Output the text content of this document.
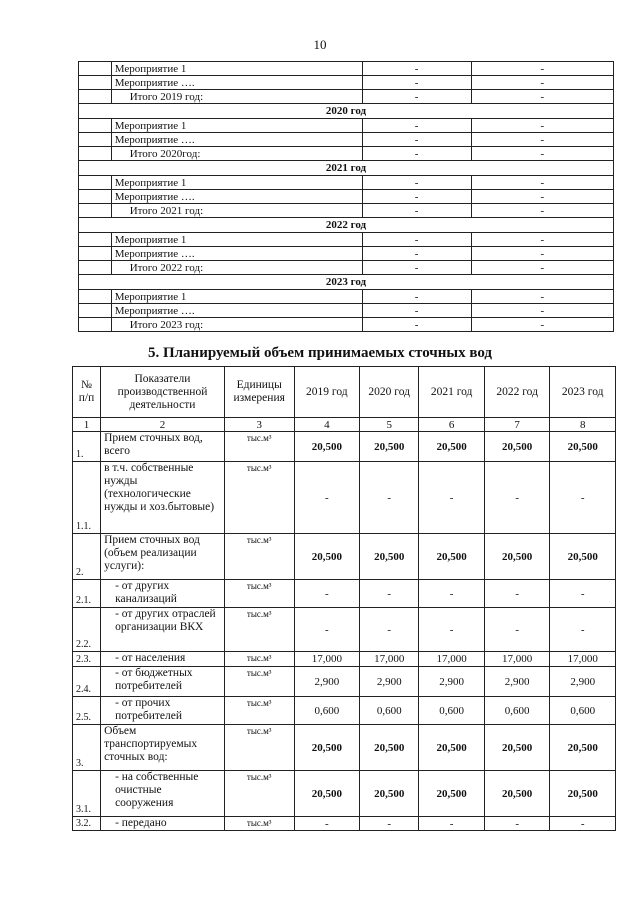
10
	Мероприятие 1	-	-
	Мероприятие ….	-	-
	Итого 2019 год:	-	-
2020 год			
	Мероприятие 1	-	-
	Мероприятие ….	-	-
	Итого 2020год:	-	-
2021 год			
	Мероприятие 1	-	-
	Мероприятие ….	-	-
	Итого 2021 год:	-	-
2022 год			
	Мероприятие 1	-	-
	Мероприятие ….	-	-
	Итого 2022 год:	-	-
2023 год			
	Мероприятие 1	-	-
	Мероприятие ….	-	-
	Итого 2023 год:	-	-
5. Планируемый объем принимаемых сточных вод
№ п/п	Показатели производственной деятельности	Единицы измерения	2019 год	2020 год	2021 год	2022 год	2023 год
1	2	3	4	5	6	7	8
1.	Прием сточных вод, всего	тыс.м³	20,500	20,500	20,500	20,500	20,500
1.1.	в т.ч. собственные нужды (технологические нужды и хоз.бытовые)	тыс.м³	-	-	-	-	-
2.	Прием сточных вод (объем реализации услуги):	тыс.м³	20,500	20,500	20,500	20,500	20,500
2.1.	- от других канализаций	тыс.м³	-	-	-	-	-
2.2.	- от других отраслей организации ВКХ	тыс.м³	-	-	-	-	-
2.3.	- от населения	тыс.м³	17,000	17,000	17,000	17,000	17,000
2.4.	- от бюджетных потребителей	тыс.м³	2,900	2,900	2,900	2,900	2,900
2.5.	- от прочих потребителей	тыс.м³	0,600	0,600	0,600	0,600	0,600
3.	Объем транспортируемых сточных вод:	тыс.м³	20,500	20,500	20,500	20,500	20,500
3.1.	- на собственные очистные сооружения	тыс.м³	20,500	20,500	20,500	20,500	20,500
3.2.	- передано	тыс.м³	-	-	-	-	-
